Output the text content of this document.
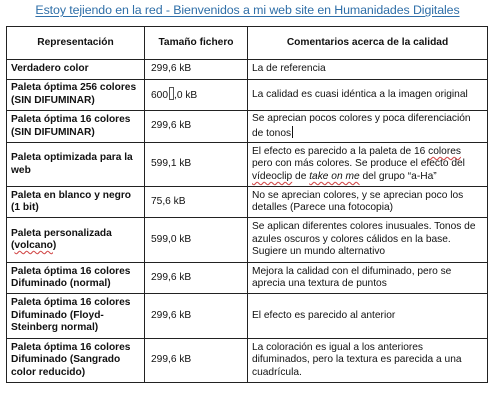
Estoy tejiendo en la red - Bienvenidos a mi web site en Humanidades Digitales
Representación	Tamaño fichero	Comentarios acerca de la calidad
Verdadero color	299,6 kB	La de referencia
Paleta óptima 256 colores
(SIN DIFUMINAR)	600 ,0 kB	La calidad es cuasi idéntica a la imagen original
Paleta óptima 16 colores
(SIN DIFUMINAR)	299,6 kB	Se aprecian pocos colores y poca diferenciación de tonos
Paleta optimizada para la
web	599,1 kB	El efecto es parecido a la paleta de 16 colores pero con más colores. Se produce el efecto del vídeoclip de take on me del grupo “a-Ha”
Paleta en blanco y negro
(1 bit)	75,6 kB	No se aprecian colores, y se aprecian poco los detalles (Parece una fotocopia)
Paleta personalizada
(volcano)	599,0 kB	Se aplican diferentes colores inusuales. Tonos de azules oscuros y colores cálidos en la base. Sugiere un mundo alternativo
Paleta óptima 16 colores
Difuminado (normal)	299,6 kB	Mejora la calidad con el difuminado, pero se aprecia una textura de puntos
Paleta óptima 16 colores
Difuminado (Floyd-
Steinberg normal)	299,6 kB	El efecto es parecido al anterior
Paleta óptima 16 colores
Difuminado (Sangrado
color reducido)	299,6 kB	La coloración es igual a los anteriores difuminados, pero la textura es parecida a una cuadrícula.
